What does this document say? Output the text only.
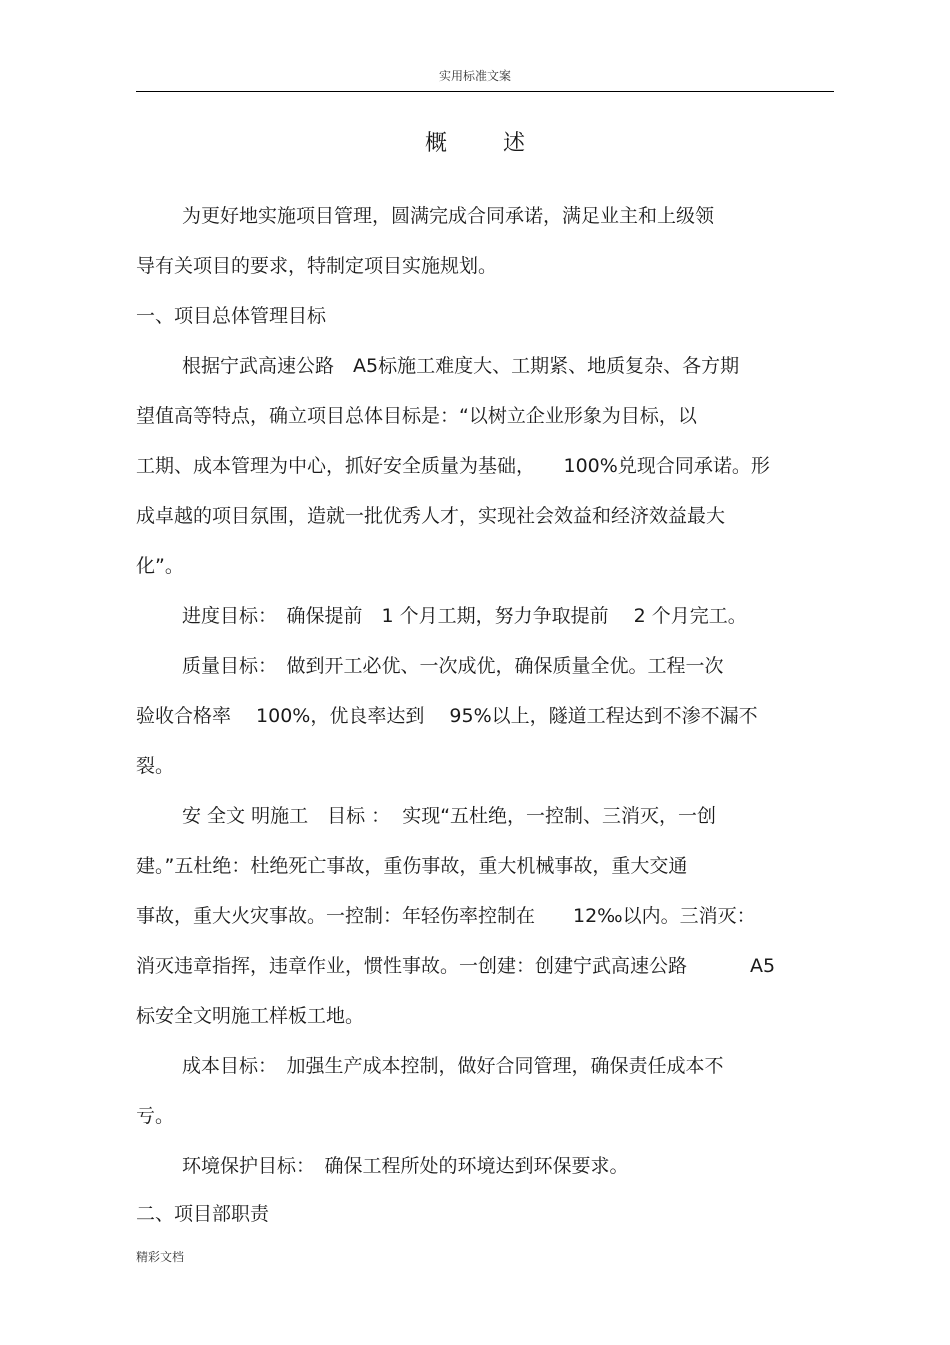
实用标准文案
概述
为更好地实施项目管理，圆满完成合同承诺，满足业主和上级领
导有关项目的要求，特制定项目实施规划。
一、项目总体管理目标
根据宁武高速公路　A5标施工难度大、工期紧、地质复杂、各方期
望值高等特点，确立项目总体目标是：“以树立企业形象为目标，以
工期、成本管理为中心，抓好安全质量为基础，　　100%兑现合同承诺。形
成卓越的项目氛围，造就一批优秀人才，实现社会效益和经济效益最大
化”。
进度目标：　确保提前　1 个月工期，努力争取提前　 2 个月完工。
质量目标：　做到开工必优、一次成优，确保质量全优。工程一次
验收合格率　 100%，优良率达到　 95%以上，隧道工程达到不渗不漏不
裂。
安 全文 明施工　目标 ：  实现“五杜绝，一控制、三消灭，一创
建。”五杜绝：杜绝死亡事故，重伤事故，重大机械事故，重大交通
事故，重大火灾事故。一控制：年轻伤率控制在　　12‰以内。三消灭：
消灭违章指挥，违章作业，惯性事故。一创建：创建宁武高速公路　　　 A5
标安全文明施工样板工地。
成本目标：　加强生产成本控制，做好合同管理，确保责任成本不
亏。
环境保护目标：　确保工程所处的环境达到环保要求。
二、项目部职责
精彩文档
